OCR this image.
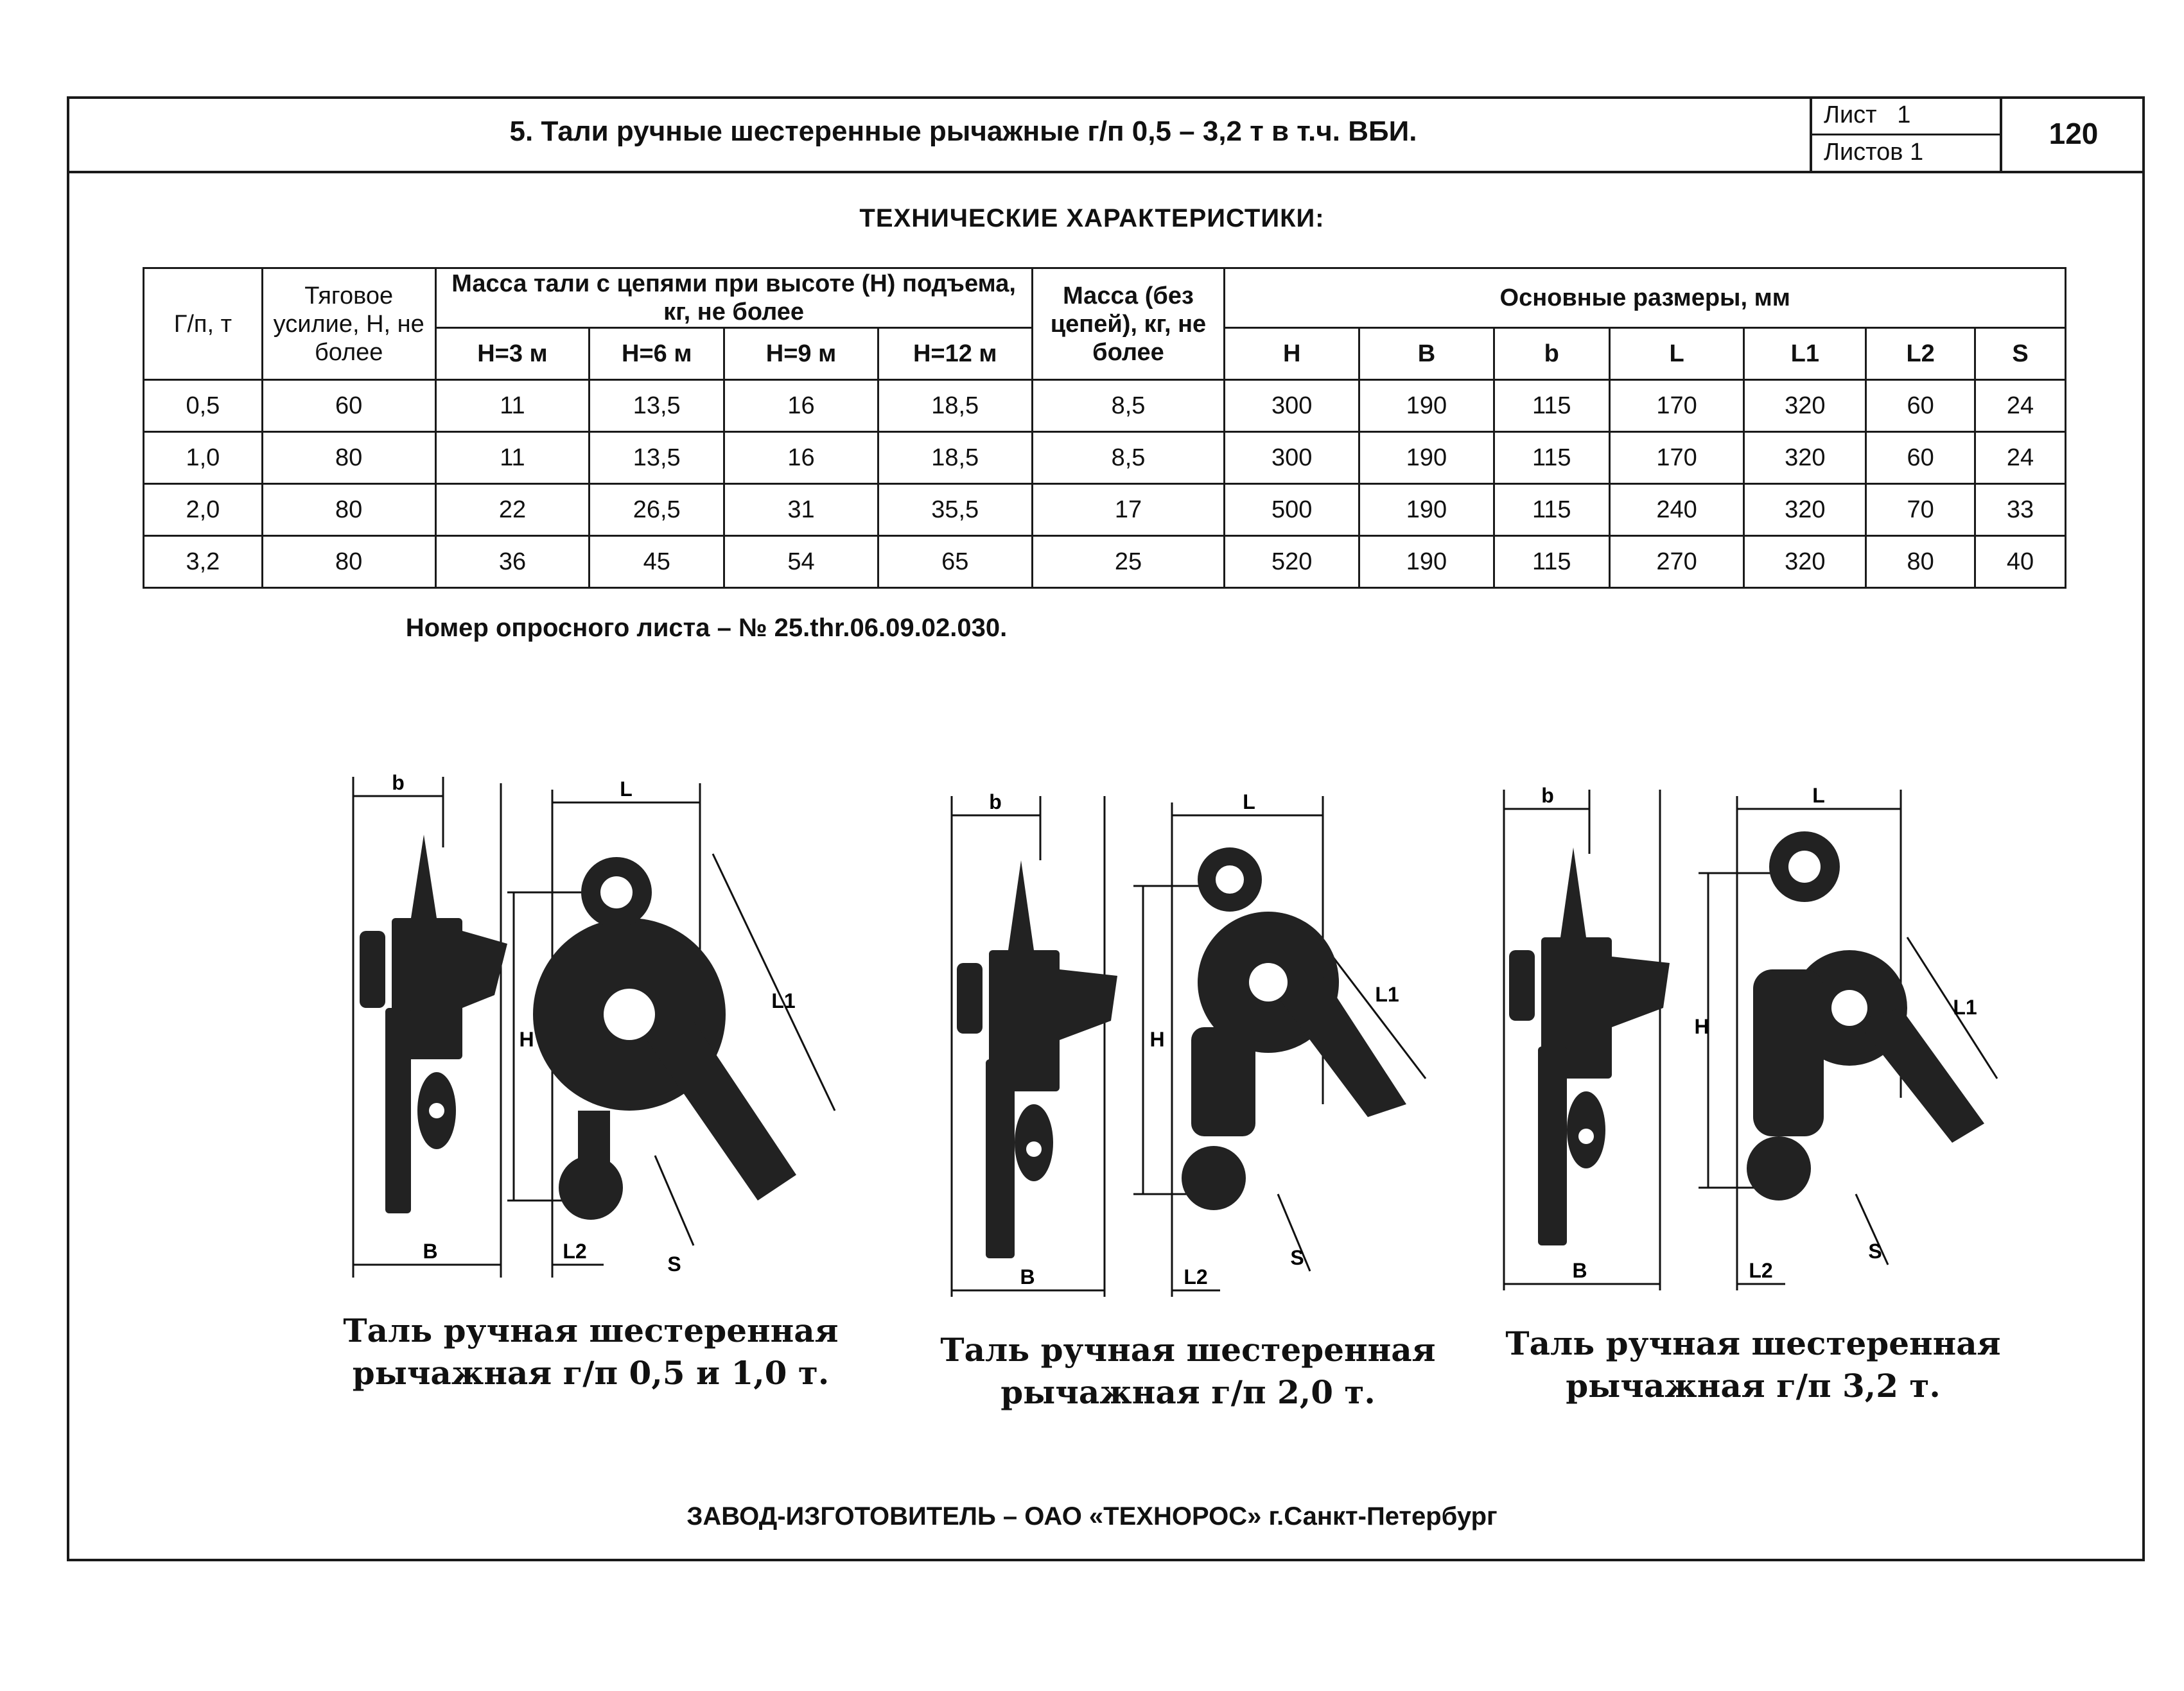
5. Тали ручные шестеренные рычажные г/п 0,5 – 3,2 т в т.ч. ВБИ.
Лист 1
Листов 1
120
ТЕХНИЧЕСКИЕ ХАРАКТЕРИСТИКИ:
Г/п, т	Тяговое усилие, Н, не более	Масса тали с цепями при высоте (Н) подъема, кг, не более				Масса (без цепей), кг, не более	Основные размеры, мм						
		Н=3 м	Н=6 м	Н=9 м	Н=12 м		H	B	b	L	L1	L2	S
0,5	60	11	13,5	16	18,5	8,5	300	190	115	170	320	60	24
1,0	80	11	13,5	16	18,5	8,5	300	190	115	170	320	60	24
2,0	80	22	26,5	31	35,5	17	500	190	115	240	320	70	33
3,2	80	36	45	54	65	25	520	190	115	270	320	80	40
Номер опросного листа – № 25.thr.06.09.02.030.
b	L
H
L1
B	L2
S
Таль ручная шестеренная
рычажная г/п 0,5 и 1,0 т.
b	L
H
L1
B	L2
S
Таль ручная шестеренная
рычажная г/п 2,0 т.
b	L
H
L1
B	L2
S
Таль ручная шестеренная
рычажная г/п 3,2 т.
ЗАВОД-ИЗГОТОВИТЕЛЬ – ОАО «ТЕХНОРОС» г.Санкт-Петербург
